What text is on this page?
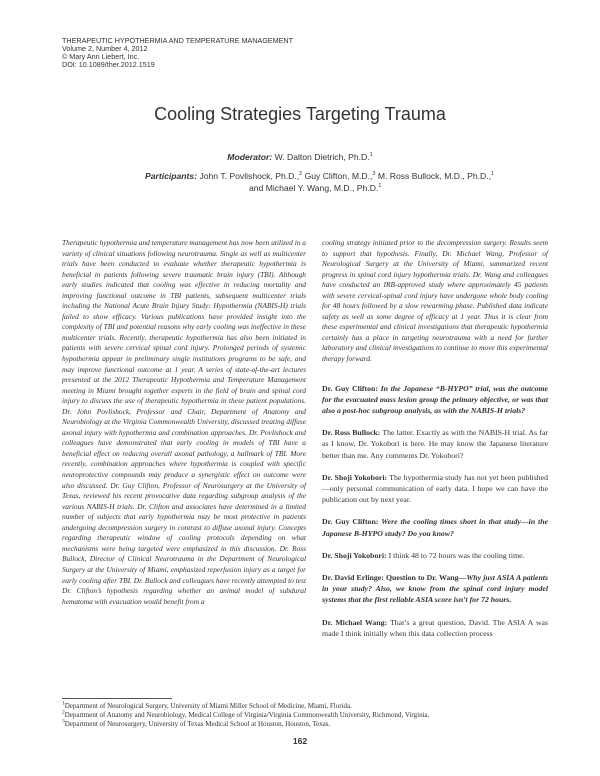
THERAPEUTIC HYPOTHERMIA AND TEMPERATURE MANAGEMENT
Volume 2, Number 4, 2012
© Mary Ann Liebert, Inc.
DOI: 10.1089/ther.2012.1519
Cooling Strategies Targeting Trauma
Moderator: W. Dalton Dietrich, Ph.D.$^1$
Participants: John T. Povlishock, Ph.D.,$^2$ Guy Clifton, M.D.,$^3$ M. Ross Bullock, M.D., Ph.D.,$^1$
and Michael Y. Wang, M.D., Ph.D.$^1$
Therapeutic hypothermia and temperature management has now been utilized in a variety of clinical situations following neurotrauma. Single as well as multicenter trials have been conducted to evaluate whether therapeutic hypothermia is beneficial in patients following severe traumatic brain injury (TBI). Although early studies indicated that cooling was effective in reducing mortality and improving functional outcome in TBI patients, subsequent multicenter trials including the National Acute Brain Injury Study: Hypothermia (NABIS-H) trials failed to show efficacy. Various publications have provided insight into the complexity of TBI and potential reasons why early cooling was ineffective in these multicenter trials. Recently, therapeutic hypothermia has also been initiated in patients with severe cervical spinal cord injury. Prolonged periods of systemic hypothermia appear in preliminary single institutions programs to be safe, and may improve functional outcome at 1 year. A series of state-of-the-art lectures presented at the 2012 Therapeutic Hypothermia and Temperature Management meeting in Miami brought together experts in the field of brain and spinal cord injury to discuss the use of therapeutic hypothermia in these patient populations. Dr. John Povlishock, Professor and Chair, Department of Anatomy and Neurobiology at the Virginia Commonwealth University, discussed treating diffuse axonal injury with hypothermia and combination approaches. Dr. Povlishock and colleagues have demonstrated that early cooling in models of TBI have a beneficial effect on reducing overall axonal pathology, a hallmark of TBI. More recently, combination approaches where hypothermia is coupled with specific neuroprotective compounds may produce a synergistic effect on outcome were also discussed. Dr. Guy Clifton, Professor of Neurosurgery at the University of Texas, reviewed his recent provocative data regarding subgroup analysis of the various NABIS-H trials. Dr. Clifton and associates have determined in a limited number of subjects that early hypothermia may be most protective in patients undergoing decompression surgery in contrast to diffuse axonal injury. Concepts regarding therapeutic window of cooling protocols depending on what mechanisms were being targeted were emphasized in this discussion. Dr. Ross Bullock, Director of Clinical Neurotrauma in the Department of Neurological Surgery at the University of Miami, emphasized reperfusion injury as a target for early cooling after TBI. Dr. Bullock and colleagues have recently attempted to test Dr. Clifton’s hypothesis regarding whether an animal model of subdural hematoma with evacuation would benefit from a

cooling strategy initiated prior to the decompression surgery. Results seem to support that hypothesis. Finally, Dr. Michael Wang, Professor of Neurological Surgery at the University of Miami, summarized recent progress in spinal cord injury hypothermia trials. Dr. Wang and colleagues have conducted an IRB-approved study where approximately 45 patients with severe cervical-spinal cord injury have undergone whole body cooling for 48 hours followed by a slow rewarming phase. Published data indicate safety as well as some degree of efficacy at 1 year. Thus it is clear from these experimental and clinical investigations that therapeutic hypothermia certainly has a place in targeting neurotrauma with a need for further laboratory and clinical investigations to continue to move this experimental therapy forward.

Dr. Guy Clifton: In the Japanese “B-HYPO” trial, was the outcome for the evacuated mass lesion group the primary objective, or was that also a post-hoc subgroup analysis, as with the NABIS-H trials?

Dr. Ross Bullock: The latter. Exactly as with the NABIS-H trial. As far as I know, Dr. Yokobori is here. He may know the Japanese literature better than me. Any comments Dr. Yokobori?

Dr. Shoji Yokobori: The hypothermia study has not yet been published—only personal communication of early data. I hope we can have the publication out by next year.

Dr. Guy Clifton: Were the cooling times short in that study—in the Japanese B-HYPO study? Do you know?

Dr. Shoji Yokobori: I think 48 to 72 hours was the cooling time.

Dr. David Erlinge: Question to Dr. Wang—Why just ASIA A patients in your study? Also, we know from the spinal cord injury model systems that the first reliable ASIA score isn’t for 72 hours.

Dr. Michael Wang: That’s a great question, David. The ASIA A was made I think initially when this data collection process

$^1$Department of Neurological Surgery, University of Miami Miller School of Medicine, Miami, Florida.
$^2$Department of Anatomy and Neurobiology, Medical College of Virginia/Virginia Commonwealth University, Richmond, Virginia.
$^3$Department of Neurosurgery, University of Texas Medical School at Houston, Houston, Texas.
162
